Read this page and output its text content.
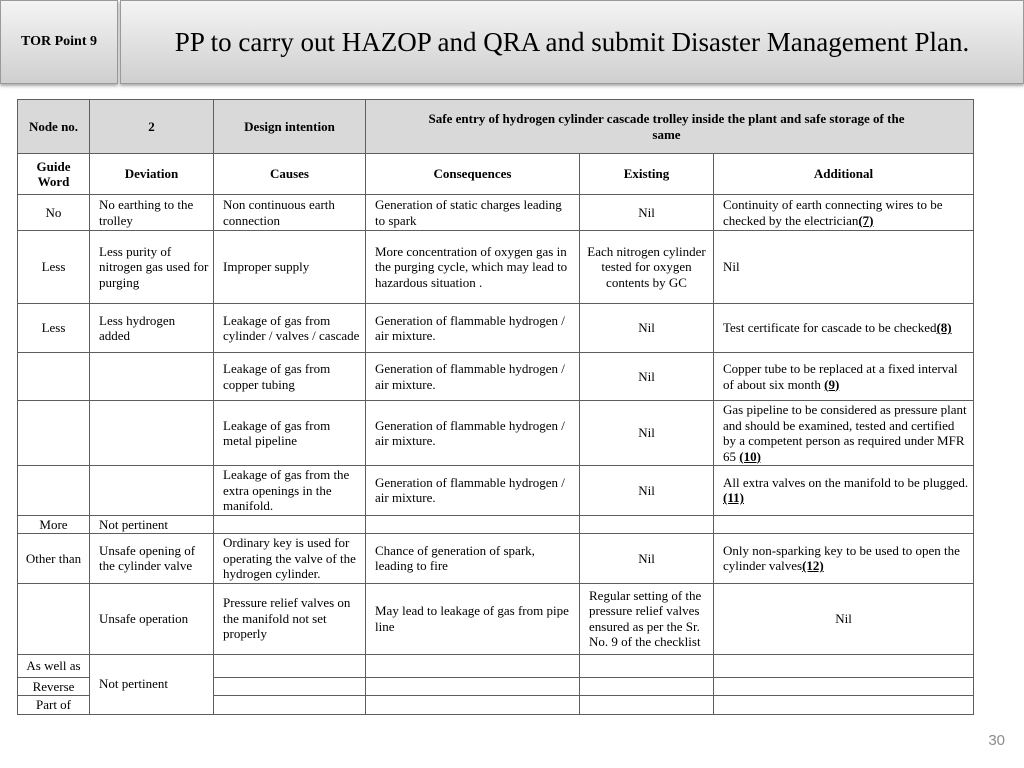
TOR Point 9	PP to carry out HAZOP and QRA and submit Disaster Management Plan.
Node no.	2	Design intention	Safe entry of hydrogen cylinder cascade trolley inside the plant and safe storage of the same		

Guide Word	Deviation	Causes	Consequences	Existing	Additional
No	No earthing to the trolley	Non continuous earth connection	Generation of static charges leading to spark	Nil	Continuity of earth connecting wires to be checked by the electrician(7)
Less	Less purity of nitrogen gas used for purging	Improper supply	More concentration of oxygen gas in the purging cycle, which may lead to hazardous situation .	Each nitrogen cylinder tested for oxygen contents by GC	Nil
Less	Less hydrogen added	Leakage of gas from cylinder / valves / cascade	Generation of flammable hydrogen / air mixture.	Nil	Test certificate for cascade to be checked(8)
		Leakage of gas from copper tubing	Generation of flammable hydrogen / air mixture.	Nil	Copper tube to be replaced at a fixed interval of about six month (9)
		Leakage of gas from metal pipeline	Generation of flammable hydrogen / air mixture.	Nil	Gas pipeline to be considered as pressure plant and should be examined, tested and certified by a competent person as required under MFR 65 (10)
		Leakage of gas from the extra openings in the manifold.	Generation of flammable hydrogen / air mixture.	Nil	All extra valves on the manifold to be plugged. (11)
More	Not pertinent				
Other than	Unsafe opening of the cylinder valve	Ordinary key is used for operating the valve of the hydrogen cylinder.	Chance of generation of spark, leading to fire	Nil	Only non-sparking key to be used to open the cylinder valves(12)
	Unsafe operation	Pressure relief valves on the manifold not set properly	May lead to leakage of gas from pipe line	Regular setting of the pressure relief valves ensured as per the Sr. No. 9 of the checklist	Nil
As well as	Not pertinent				
Reverse					
Part of					
30
